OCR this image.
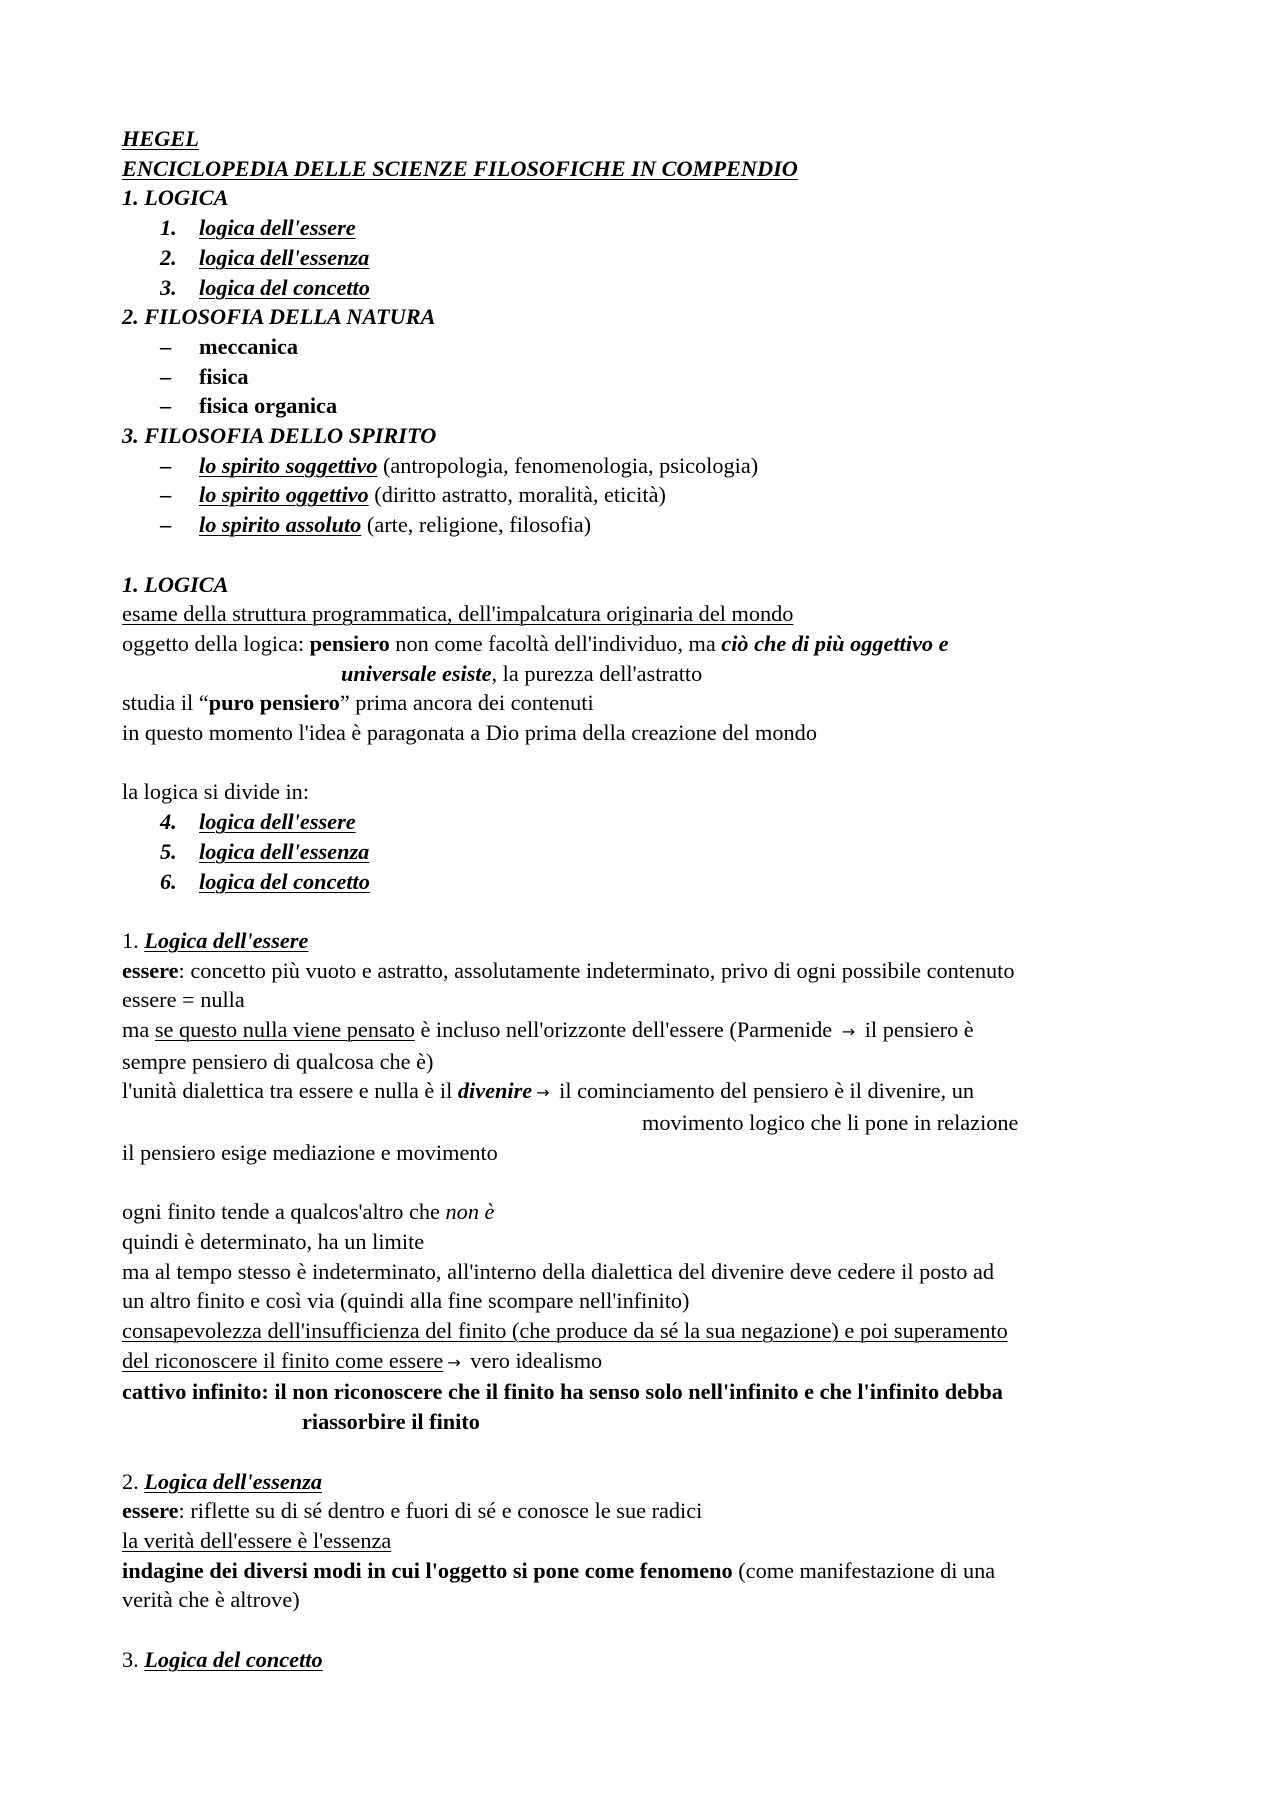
HEGEL
ENCICLOPEDIA DELLE SCIENZE FILOSOFICHE IN COMPENDIO
1. LOGICA
1. logica dell'essere
2. logica dell'essenza
3. logica del concetto
2. FILOSOFIA DELLA NATURA
– meccanica
– fisica
– fisica organica
3. FILOSOFIA DELLO SPIRITO
– lo spirito soggettivo (antropologia, fenomenologia, psicologia)
– lo spirito oggettivo (diritto astratto, moralità, eticità)
– lo spirito assoluto (arte, religione, filosofia)
1. LOGICA
esame della struttura programmatica, dell'impalcatura originaria del mondo
oggetto della logica: pensiero non come facoltà dell'individuo, ma ciò che di più oggettivo e
universale esiste, la purezza dell'astratto
studia il “puro pensiero” prima ancora dei contenuti
in questo momento l'idea è paragonata a Dio prima della creazione del mondo
la logica si divide in:
4. logica dell'essere
5. logica dell'essenza
6. logica del concetto
1. Logica dell'essere
essere: concetto più vuoto e astratto, assolutamente indeterminato, privo di ogni possibile contenuto
essere = nulla
ma se questo nulla viene pensato è incluso nell'orizzonte dell'essere (Parmenide → il pensiero è
sempre pensiero di qualcosa che è)
l'unità dialettica tra essere e nulla è il divenire → il cominciamento del pensiero è il divenire, un
movimento logico che li pone in relazione
il pensiero esige mediazione e movimento
ogni finito tende a qualcos'altro che non è
quindi è determinato, ha un limite
ma al tempo stesso è indeterminato, all'interno della dialettica del divenire deve cedere il posto ad
un altro finito e così via (quindi alla fine scompare nell'infinito)
consapevolezza dell'insufficienza del finito (che produce da sé la sua negazione) e poi superamento
del riconoscere il finito come essere → vero idealismo
cattivo infinito: il non riconoscere che il finito ha senso solo nell'infinito e che l'infinito debba
riassorbire il finito
2. Logica dell'essenza
essere: riflette su di sé dentro e fuori di sé e conosce le sue radici
la verità dell'essere è l'essenza
indagine dei diversi modi in cui l'oggetto si pone come fenomeno (come manifestazione di una
verità che è altrove)
3. Logica del concetto
